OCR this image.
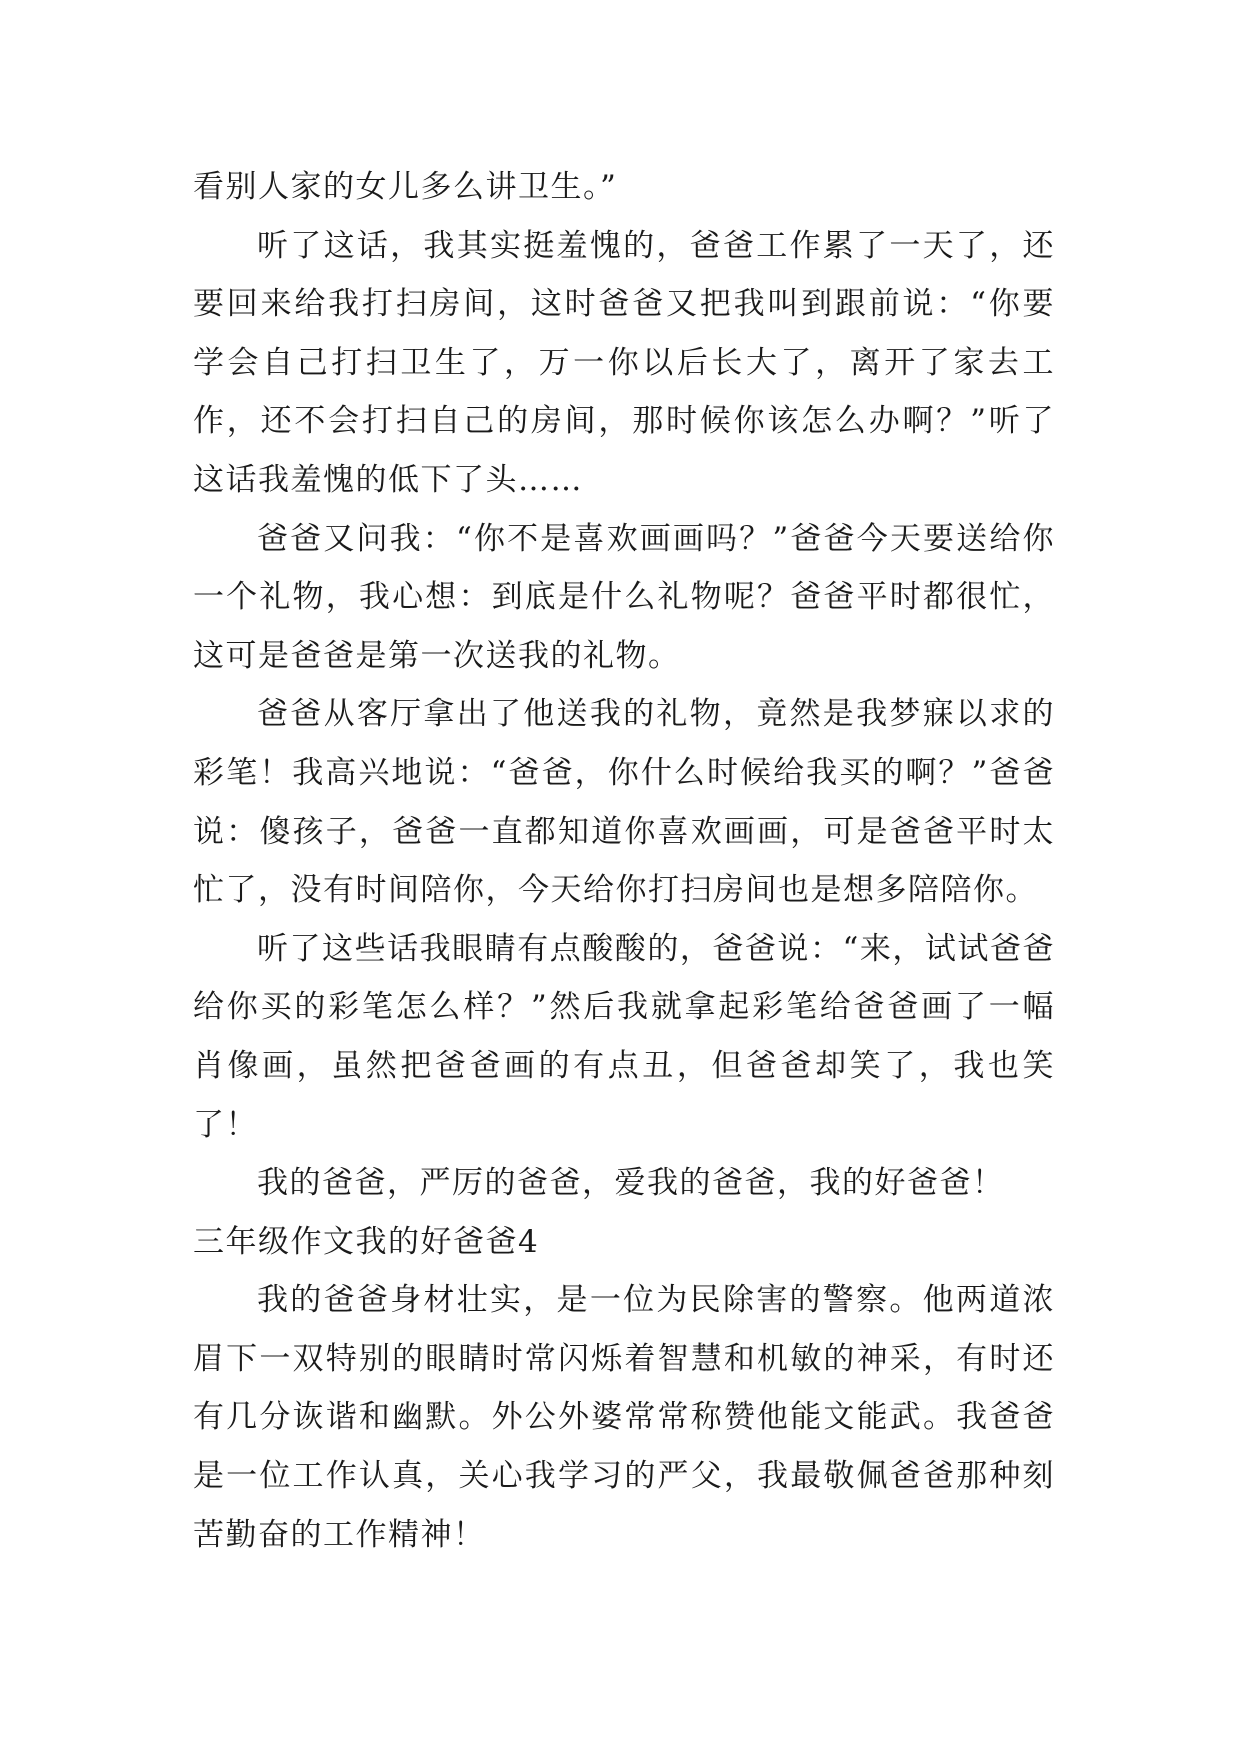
看别人家的女儿多么讲卫生。”

听了这话，我其实挺羞愧的，爸爸工作累了一天了，还要回来给我打扫房间，这时爸爸又把我叫到跟前说：“你要学会自己打扫卫生了，万一你以后长大了，离开了家去工作，还不会打扫自己的房间，那时候你该怎么办啊？”听了这话我羞愧的低下了头……

爸爸又问我：“你不是喜欢画画吗？”爸爸今天要送给你一个礼物，我心想：到底是什么礼物呢？爸爸平时都很忙，这可是爸爸是第一次送我的礼物。

爸爸从客厅拿出了他送我的礼物，竟然是我梦寐以求的彩笔！我高兴地说：“爸爸，你什么时候给我买的啊？”爸爸说：傻孩子，爸爸一直都知道你喜欢画画，可是爸爸平时太忙了，没有时间陪你，今天给你打扫房间也是想多陪陪你。

听了这些话我眼睛有点酸酸的，爸爸说：“来，试试爸爸给你买的彩笔怎么样？”然后我就拿起彩笔给爸爸画了一幅肖像画，虽然把爸爸画的有点丑，但爸爸却笑了，我也笑了！

我的爸爸，严厉的爸爸，爱我的爸爸，我的好爸爸！

三年级作文我的好爸爸4

我的爸爸身材壮实，是一位为民除害的警察。他两道浓眉下一双特别的眼睛时常闪烁着智慧和机敏的神采，有时还有几分诙谐和幽默。外公外婆常常称赞他能文能武。我爸爸是一位工作认真，关心我学习的严父，我最敬佩爸爸那种刻苦勤奋的工作精神！
